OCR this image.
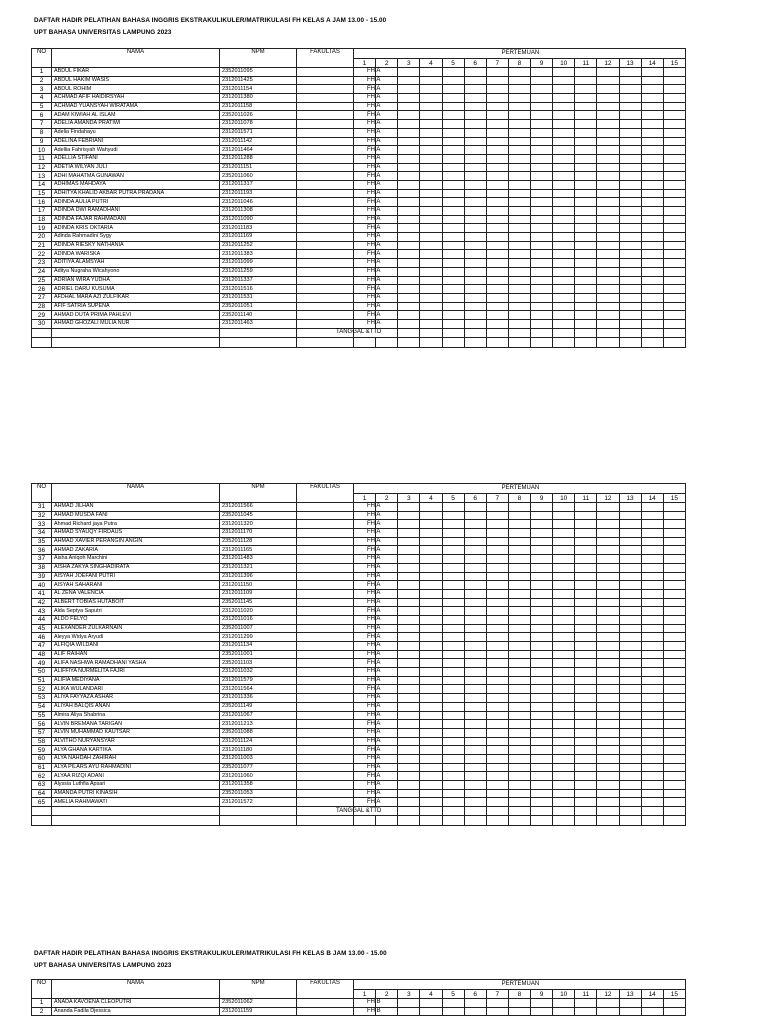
DAFTAR HADIR PELATIHAN BAHASA INGGRIS EKSTRAKULIKULER/MATRIKULASI FH KELAS A JAM 13.00 - 15.00
UPT BAHASA UNIVERSITAS LAMPUNG 2023
NO	NAMA	NPM	FAKULTAS	PERTEMUAN														
				1	2	3	4	5	6	7	8	9	10	11	12	13	14	15
1	ABDUL FIKAR	2352011095	FH A															
2	ABDUL HAKIM WASIS	2312011425	FH A															
3	ABDUL ROHIM	2312011154	FH A															
4	ACHMAD AFIF HAIDIRSYAH	2312011380	FH A															
5	ACHMAD YUANSYAH WIRATAMA	2312011158	FH A															
6	ADAM KIWIAH AL ISLAM	2352011026	FH A															
7	ADELIA AMANDA PRATIWI	2312011078	FH A															
8	Adelia Findahayu	2312011571	FH A															
9	ADELINA FEBRIANI	2312011142	FH A															
10	Adellia Fahrisyah Wahyudi	2312011464	FH A															
11	ADELLIA STIFANI	2312011288	FH A															
12	ADETIA WILYAN JULI	2312011151	FH A															
13	ADHI MAHATMA GUNAWAN	2352011060	FH A															
14	ADHIMAS MAHDAYA	2312011317	FH A															
15	ADHITYA KHALID AKBAR PUTRA PRADANA	2312011193	FH A															
16	ADINDA AULIA PUTRI	2312011046	FH A															
17	ADINDA DWI RAMADHANI	2312011308	FH A															
18	ADINDA FAJAR RAHMADANI	2312011090	FH A															
19	ADINDA KRIS OKTARIA	2312011183	FH A															
20	Adinda Rahmadini Sygy	2312011169	FH A															
21	ADINDA RIESKY NATHANIA	2312011252	FH A															
22	ADINDA WARISKA	2312011383	FH A															
23	ADITIYA ALAMSYAH	2312011099	FH A															
24	Aditya Nugraha Wicahyono	2312011259	FH A															
25	ADRIAN WIRA YUDHA	2312011337	FH A															
26	ADRIEL DARU KUSUMA	2312011516	FH A															
27	AFDHAL MARA AZI ZULFIKAR	2312011531	FH A															
28	AFIF SATRIA SUPENA	2352011051	FH A															
29	AHMAD DUTA PRIMA PAHLEVI	2352011140	FH A															
30	AHMAD GHOZALI MULIA NUR	2312011463	FH A															
				TANGGAL &TTD														

NO	NAMA	NPM	FAKULTAS	PERTEMUAN														
				1	2	3	4	5	6	7	8	9	10	11	12	13	14	15
31	AHMAD JILHAN	2312011566	FH A															
32	AHMAD MUSDA FANI	2352011045	FH A															
33	Ahmad Richard jaya Putra	2312011320	FH A															
34	AHMAD SYAUQY FIRDAUS	2312011170	FH A															
35	AHMAD XAVIER PERANGIN ANGIN	2352011128	FH A															
36	AHMAD ZAKARIA	2312011165	FH A															
37	Aisha Aniqoh Marchini	2312011483	FH A															
38	AISHA ZAKYA SINGHADIRATA	2312011321	FH A															
39	AISYAH JOEFANI PUTRI	2312011396	FH A															
40	AISYAH SAHARANI	2312011150	FH A															
41	AL ZENA VALENCIA	2312011109	FH A															
42	ALBERT TOBIAS HUTABOIT	2352011145	FH A															
43	Alda Septya Saputri	2312011020	FH A															
44	ALDO FELYO	2312011016	FH A															
45	ALEXANDER ZULKARNAIN	2352011007	FH A															
46	Aleyya Widya Aryudi	2312011299	FH A															
47	ALFIQIA WILDANI	2312011134	FH A															
48	ALIF RAIHAN	2352011001	FH A															
49	ALIFA NASHWA RAMADHANI YASHA	2352011103	FH A															
50	ALIFFIYA NURMELITA FAJRI	2312011032	FH A															
51	ALIFIA MEDIYANA	2312011579	FH A															
52	ALIKA WULANDARI	2312011564	FH A															
53	ALIYA FAYYAZA ASHAR	2312011336	FH A															
54	ALIYAH BALQIS ANAN	2352011149	FH A															
55	Almira Aliya Shabrina	2312011067	FH A															
56	ALVIN BREMANA TARIGAN	2312011213	FH A															
57	ALVIN MUHAMMAD KAUTSAR	2352011088	FH A															
58	ALVITHO NURYANSYAR	2312011124	FH A															
59	ALYA GHANA KARTIKA	2312011180	FH A															
60	ALYA NAHDAH ZAHIRAH	2312011003	FH A															
61	ALYA PILARS AYU RAHMADINI	2352011077	FH A															
62	ALYAA RIZQI ADANI	2312011060	FH A															
63	Alyssia Luthfia Apsari	2312011358	FH A															
64	AMANDA PUTRI KINASIH	2352011053	FH A															
65	AMELIA RAHMAWATI	2312011572	FH A															
				TANGGAL &TTD														

DAFTAR HADIR PELATIHAN BAHASA INGGRIS EKSTRAKULIKULER/MATRIKULASI FH KELAS B JAM 13.00 - 15.00
UPT BAHASA UNIVERSITAS LAMPUNG 2023
NO	NAMA	NPM	FAKULTAS	PERTEMUAN														
				1	2	3	4	5	6	7	8	9	10	11	12	13	14	15
1	ANADA KAVOENA CLEOPUTRI	2352011062	FH B															
2	Ananda Fadila Djessica	2312011159	FH B															
